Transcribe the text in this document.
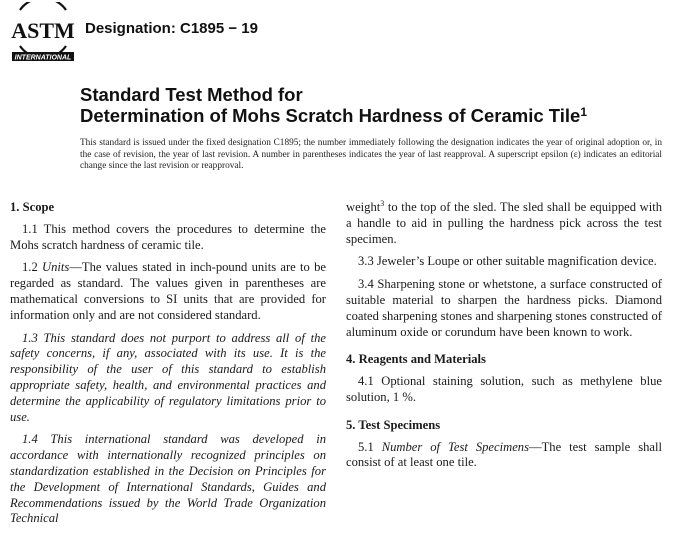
ASTM
INTERNATIONAL
Designation: C1895 − 19
Standard Test Method for
Determination of Mohs Scratch Hardness of Ceramic Tile$^1$
This standard is issued under the fixed designation C1895; the number immediately following the designation indicates the year of original adoption or, in the case of revision, the year of last revision. A number in parentheses indicates the year of last reapproval. A superscript epsilon (ε) indicates an editorial change since the last revision or reapproval.
1. Scope

1.1 This method covers the procedures to determine the Mohs scratch hardness of ceramic tile.

1.2 Units—The values stated in inch-pound units are to be regarded as standard. The values given in parentheses are mathematical conversions to SI units that are provided for information only and are not considered standard.

1.3 This standard does not purport to address all of the safety concerns, if any, associated with its use. It is the responsibility of the user of this standard to establish appropriate safety, health, and environmental practices and determine the applicability of regulatory limitations prior to use.

1.4 This international standard was developed in accordance with internationally recognized principles on standardization established in the Decision on Principles for the Development of International Standards, Guides and Recommendations issued by the World Trade Organization Technical

weight$^3$ to the top of the sled. The sled shall be equipped with a handle to aid in pulling the hardness pick across the test specimen.

3.3 Jeweler’s Loupe or other suitable magnification device.

3.4 Sharpening stone or whetstone, a surface constructed of suitable material to sharpen the hardness picks. Diamond coated sharpening stones and sharpening stones constructed of aluminum oxide or corundum have been known to work.

4. Reagents and Materials

4.1 Optional staining solution, such as methylene blue solution, 1 %.

5. Test Specimens

5.1 Number of Test Specimens—The test sample shall consist of at least one tile.
